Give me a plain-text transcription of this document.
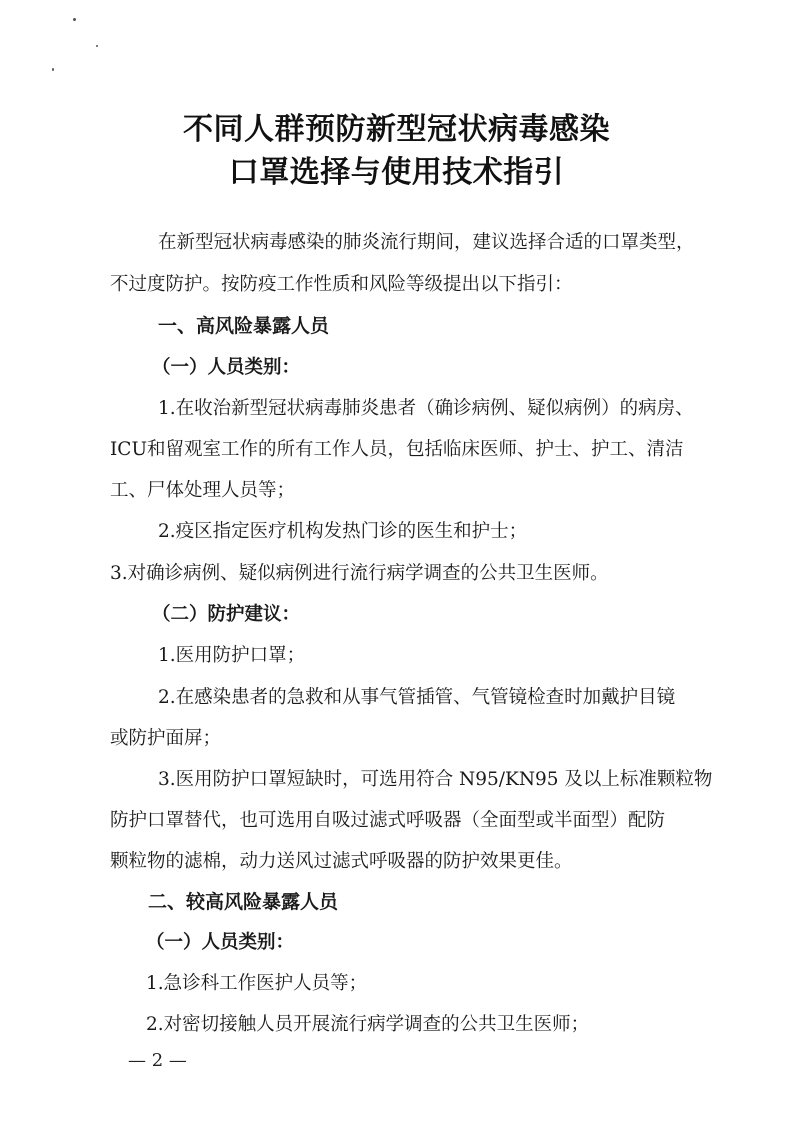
不同人群预防新型冠状病毒感染
口罩选择与使用技术指引
在新型冠状病毒感染的肺炎流行期间，建议选择合适的口罩类型，
不过度防护。按防疫工作性质和风险等级提出以下指引：
一、高风险暴露人员
（一）人员类别：
1.在收治新型冠状病毒肺炎患者（确诊病例、疑似病例）的病房、
ICU和留观室工作的所有工作人员，包括临床医师、护士、护工、清洁
工、尸体处理人员等；
2.疫区指定医疗机构发热门诊的医生和护士；
3.对确诊病例、疑似病例进行流行病学调查的公共卫生医师。
（二）防护建议：
1.医用防护口罩；
2.在感染患者的急救和从事气管插管、气管镜检查时加戴护目镜
或防护面屏；
3.医用防护口罩短缺时，可选用符合 N95/KN95 及以上标准颗粒物
防护口罩替代，也可选用自吸过滤式呼吸器（全面型或半面型）配防
颗粒物的滤棉，动力送风过滤式呼吸器的防护效果更佳。
二、较高风险暴露人员
（一）人员类别：
1.急诊科工作医护人员等；
2.对密切接触人员开展流行病学调查的公共卫生医师；
— 2 —
